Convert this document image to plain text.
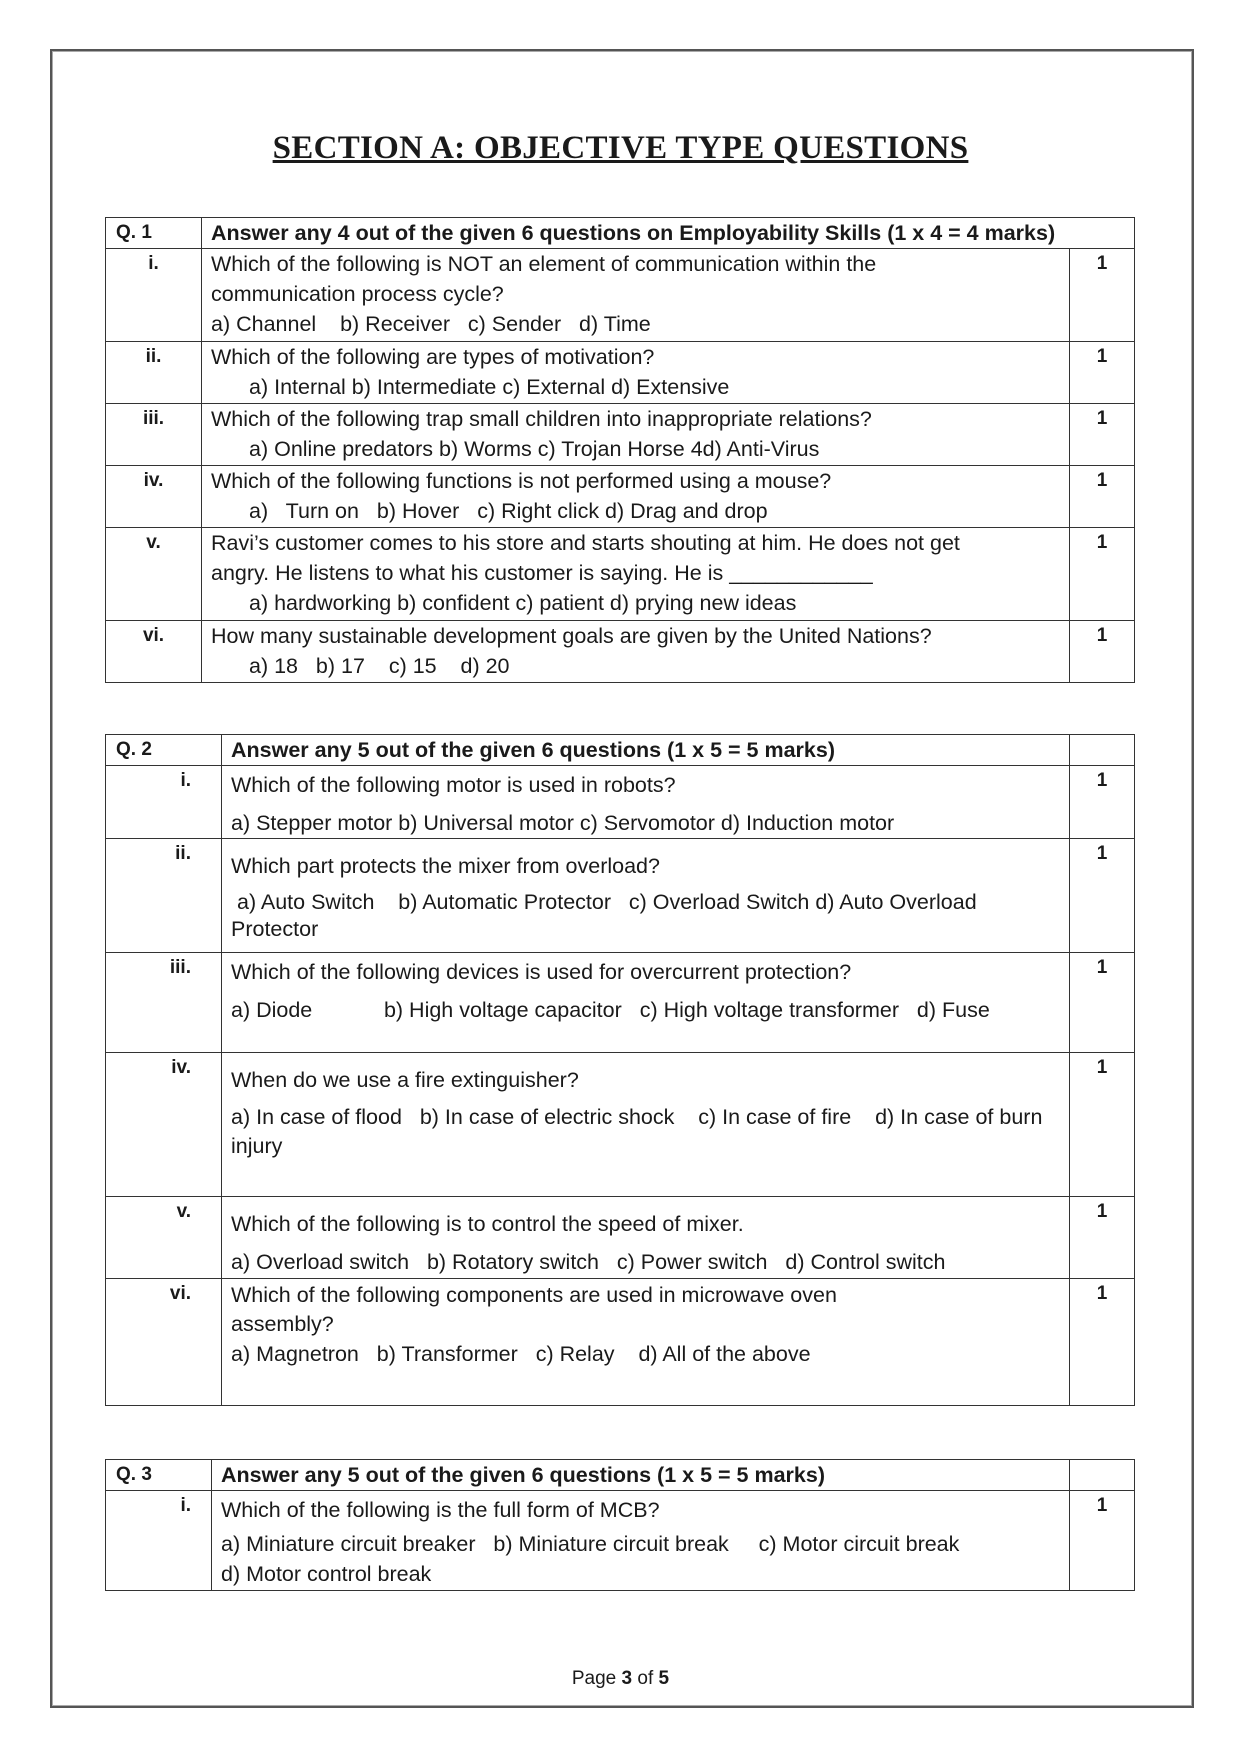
SECTION A: OBJECTIVE TYPE QUESTIONS
Q. 1	Answer any 4 out of the given 6 questions on Employability Skills (1 x 4 = 4 marks)	
i.	Which of the following is NOT an element of communication within the
communication process cycle?
a) Channel    b) Receiver   c) Sender   d) Time	1
ii.	Which of the following are types of motivation?
a) Internal b) Intermediate c) External d) Extensive	1
iii.	Which of the following trap small children into inappropriate relations?
a) Online predators b) Worms c) Trojan Horse 4d) Anti-Virus	1
iv.	Which of the following functions is not performed using a mouse?
a)   Turn on   b) Hover   c) Right click d) Drag and drop	1
v.	Ravi’s customer comes to his store and starts shouting at him. He does not get
angry. He listens to what his customer is saying. He is ____________
a) hardworking b) confident c) patient d) prying new ideas	1
vi.	How many sustainable development goals are given by the United Nations?
a) 18   b) 17    c) 15    d) 20	1
Q. 2	Answer any 5 out of the given 6 questions (1 x 5 = 5 marks)	
i.	Which of the following motor is used in robots?
a) Stepper motor b) Universal motor c) Servomotor d) Induction motor	1
ii.	Which part protects the mixer from overload?
a) Auto Switch    b) Automatic Protector   c) Overload Switch d) Auto Overload Protector	1
iii.	Which of the following devices is used for overcurrent protection?
a) Diode            b) High voltage capacitor   c) High voltage transformer   d) Fuse	1
iv.	When do we use a fire extinguisher?
a) In case of flood   b) In case of electric shock    c) In case of fire    d) In case of burn injury	1
v.	Which of the following is to control the speed of mixer.
a) Overload switch   b) Rotatory switch   c) Power switch   d) Control switch	1
vi.	Which of the following components are used in microwave oven assembly?
a) Magnetron   b) Transformer   c) Relay    d) All of the above	1
Q. 3	Answer any 5 out of the given 6 questions (1 x 5 = 5 marks)	
i.	Which of the following is the full form of MCB?
a) Miniature circuit breaker   b) Miniature circuit break     c) Motor circuit break
d) Motor control break	1
Page 3 of 5
